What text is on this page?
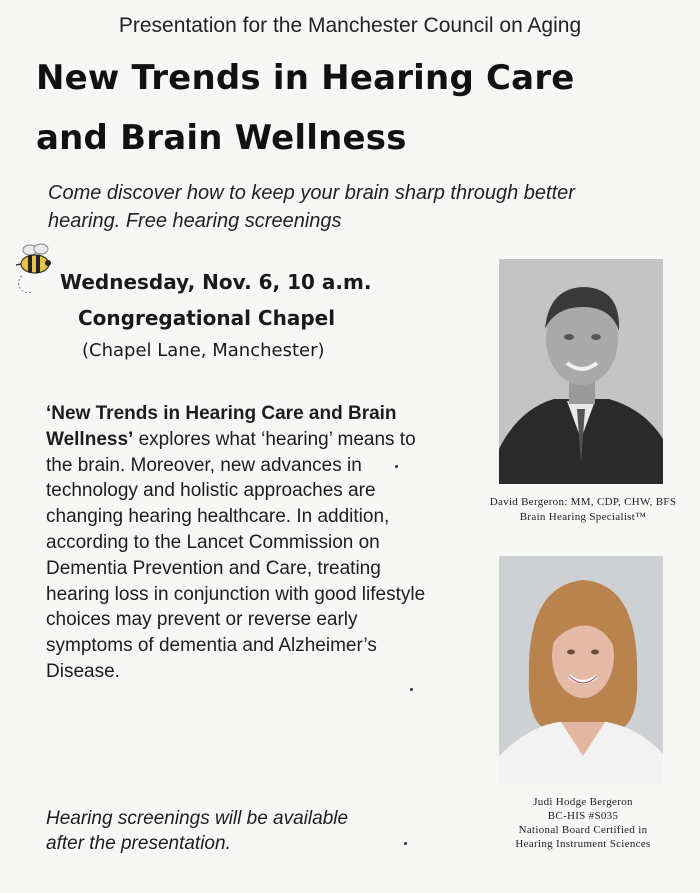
Presentation for the Manchester Council on Aging
New Trends in Hearing Care
and Brain Wellness
Come discover how to keep your brain sharp through better
hearing. Free hearing screenings
Wednesday, Nov. 6, 10 a.m.
Congregational Chapel
(Chapel Lane, Manchester)
‘New Trends in Hearing Care and Brain Wellness’ explores what ‘hearing’ means to the brain. Moreover, new advances in technology and holistic approaches are changing hearing healthcare. In addition, according to the Lancet Commission on Dementia Prevention and Care, treating hearing loss in conjunction with good lifestyle choices may prevent or reverse early symptoms of dementia and Alzheimer’s Disease.
Hearing screenings will be available
after the presentation.
David Bergeron: MM, CDP, CHW, BFS
Brain Hearing Specialist™
Judi Hodge Bergeron
BC-HIS #S035
National Board Certified in
Hearing Instrument Sciences
